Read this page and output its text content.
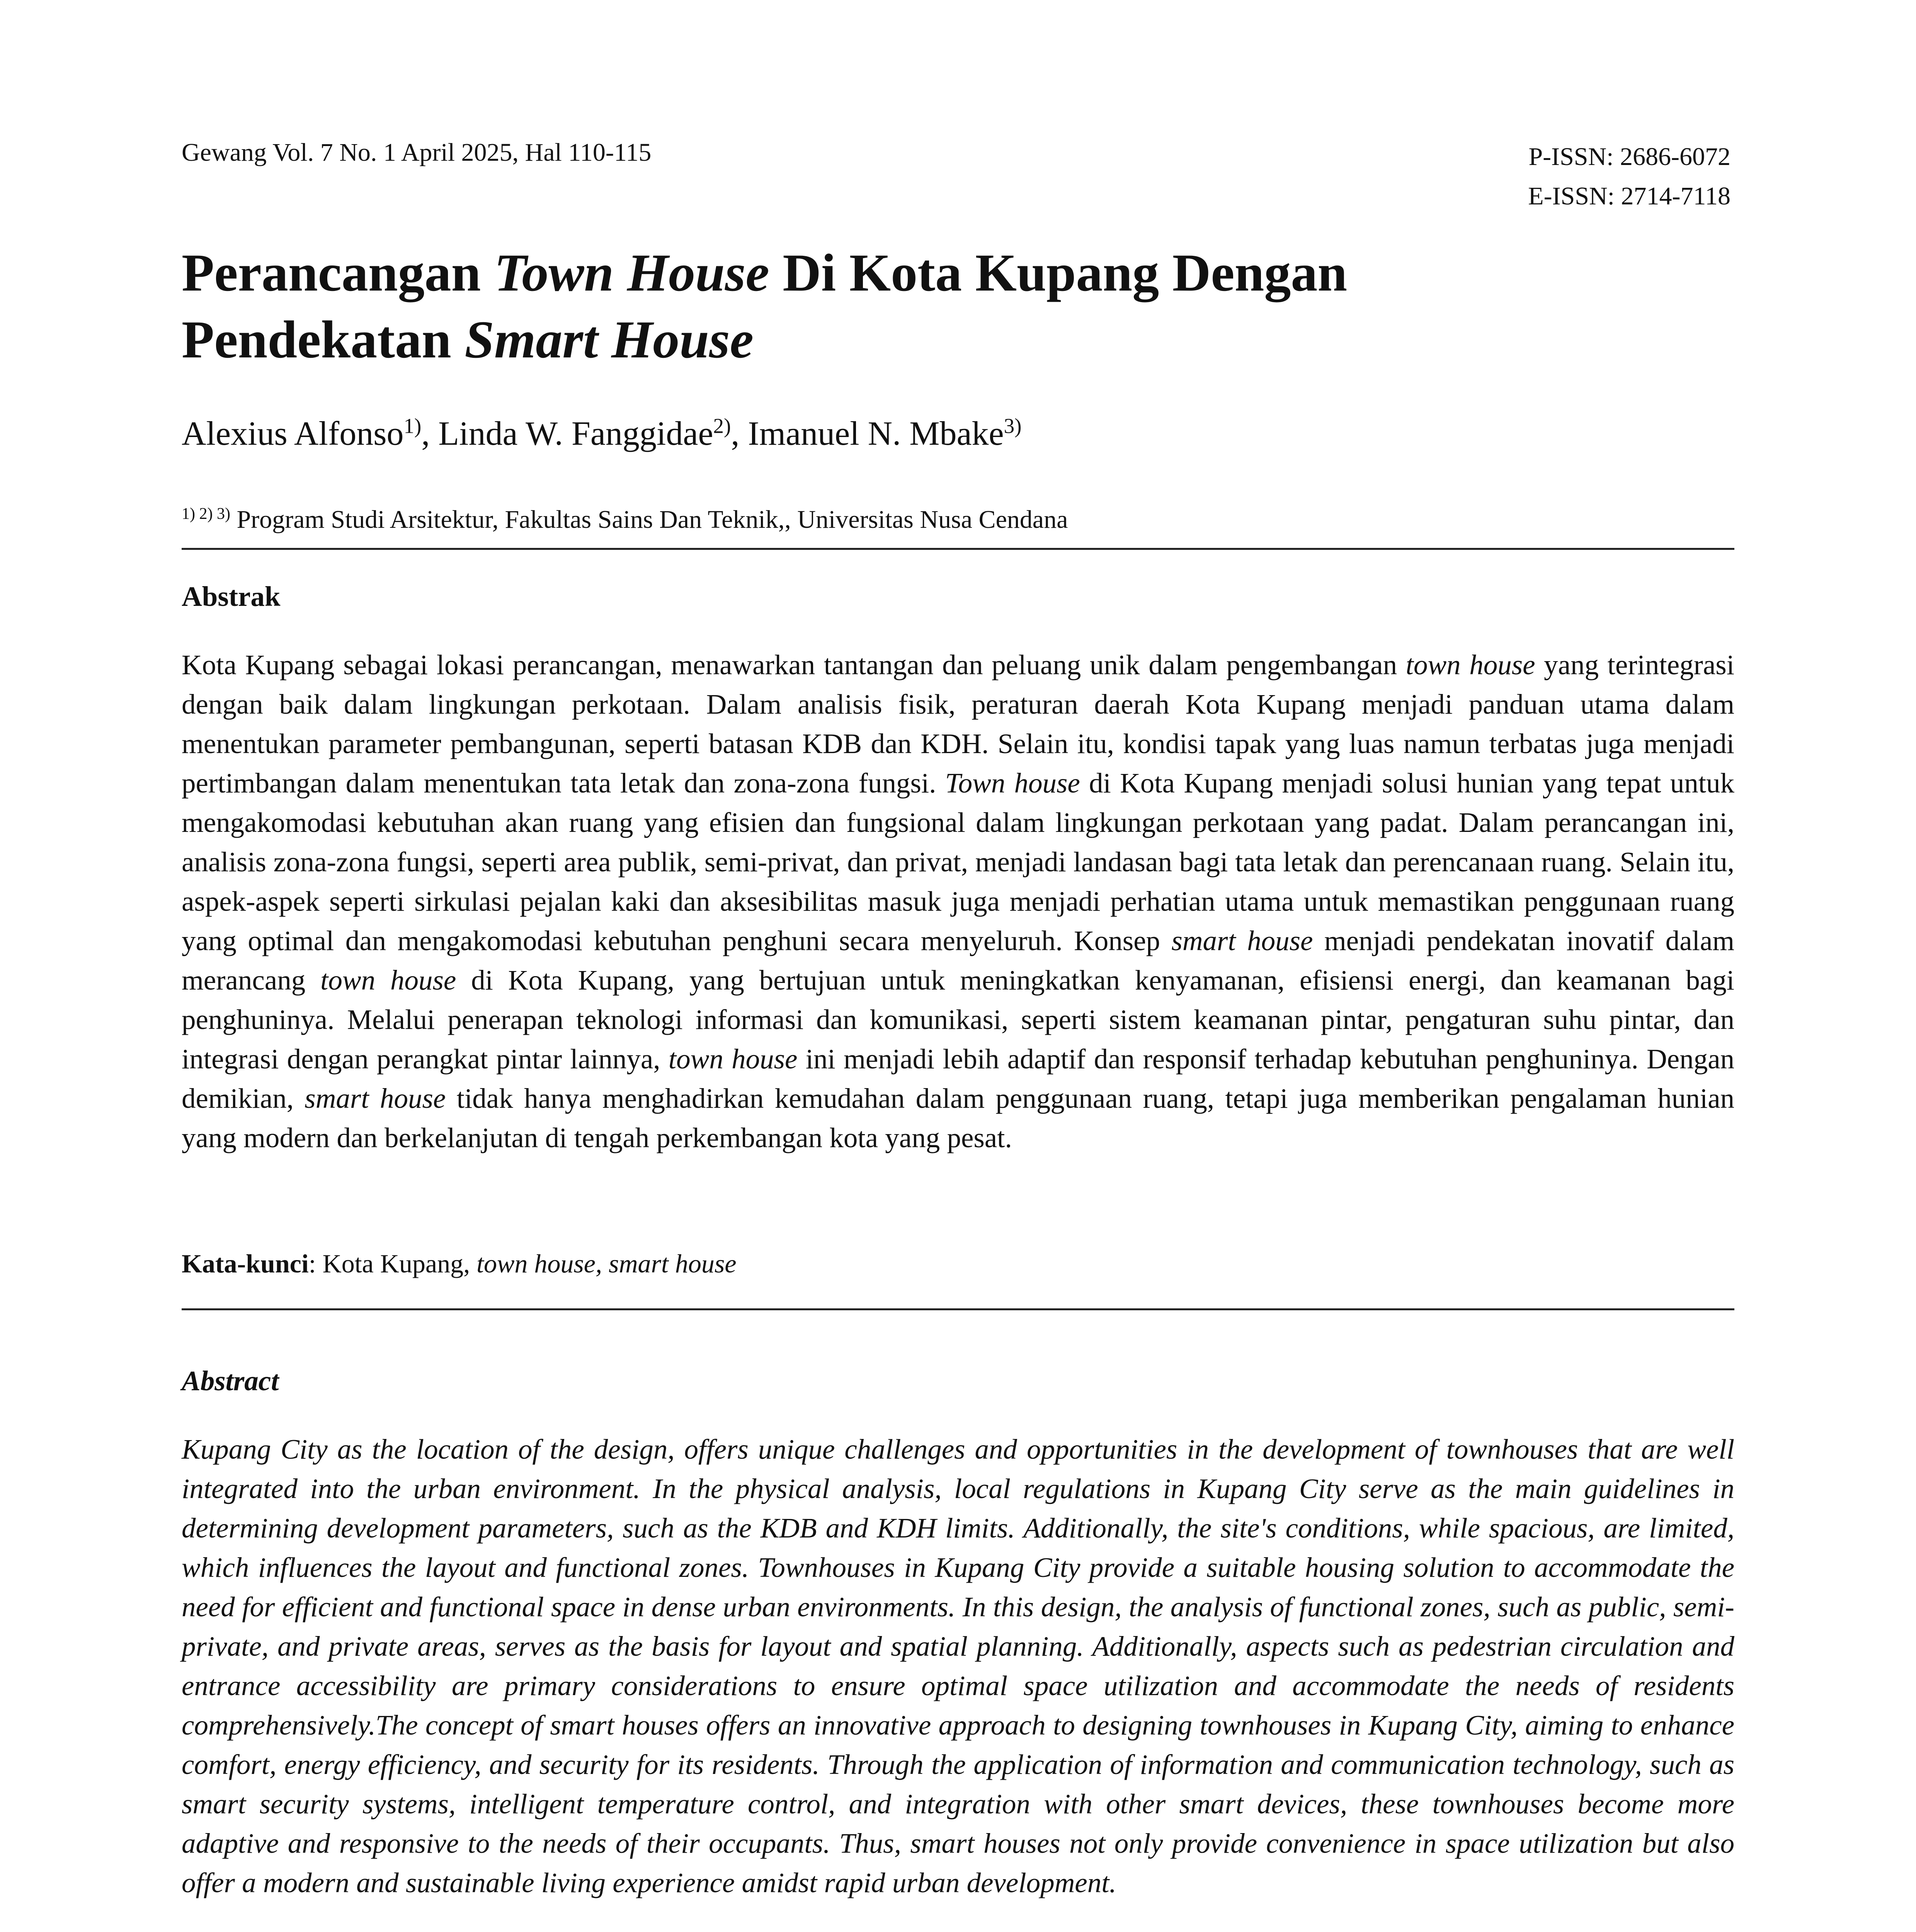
Gewang Vol. 7 No. 1 April 2025, Hal 110-115	P-ISSN: 2686-6072
E-ISSN: 2714-7118
Perancangan Town House Di Kota Kupang Dengan
Pendekatan Smart House
Alexius Alfonso$^{1)}$, Linda W. Fanggidae$^{2)}$, Imanuel N. Mbake$^{3)}$
$^{1) 2) 3)}$ Program Studi Arsitektur, Fakultas Sains Dan Teknik,, Universitas Nusa Cendana
Abstrak

Kota Kupang sebagai lokasi perancangan, menawarkan tantangan dan peluang unik dalam pengembangan town house yang terintegrasi dengan baik dalam lingkungan perkotaan. Dalam analisis fisik, peraturan daerah Kota Kupang menjadi panduan utama dalam menentukan parameter pembangunan, seperti batasan KDB dan KDH. Selain itu, kondisi tapak yang luas namun terbatas juga menjadi pertimbangan dalam menentukan tata letak dan zona-zona fungsi. Town house di Kota Kupang menjadi solusi hunian yang tepat untuk mengakomodasi kebutuhan akan ruang yang efisien dan fungsional dalam lingkungan perkotaan yang padat. Dalam perancangan ini, analisis zona-zona fungsi, seperti area publik, semi-privat, dan privat, menjadi landasan bagi tata letak dan perencanaan ruang. Selain itu, aspek-aspek seperti sirkulasi pejalan kaki dan aksesibilitas masuk juga menjadi perhatian utama untuk memastikan penggunaan ruang yang optimal dan mengakomodasi kebutuhan penghuni secara menyeluruh. Konsep smart house menjadi pendekatan inovatif dalam merancang town house di Kota Kupang, yang bertujuan untuk meningkatkan kenyamanan, efisiensi energi, dan keamanan bagi penghuninya. Melalui penerapan teknologi informasi dan komunikasi, seperti sistem keamanan pintar, pengaturan suhu pintar, dan integrasi dengan perangkat pintar lainnya, town house ini menjadi lebih adaptif dan responsif terhadap kebutuhan penghuninya. Dengan demikian, smart house tidak hanya menghadirkan kemudahan dalam penggunaan ruang, tetapi juga memberikan pengalaman hunian yang modern dan berkelanjutan di tengah perkembangan kota yang pesat.

Kata-kunci: Kota Kupang, town house, smart house
Abstract

Kupang City as the location of the design, offers unique challenges and opportunities in the development of townhouses that are well integrated into the urban environment. In the physical analysis, local regulations in Kupang City serve as the main guidelines in determining development parameters, such as the KDB and KDH limits. Additionally, the site's conditions, while spacious, are limited, which influences the layout and functional zones. Townhouses in Kupang City provide a suitable housing solution to accommodate the need for efficient and functional space in dense urban environments. In this design, the analysis of functional zones, such as public, semi-private, and private areas, serves as the basis for layout and spatial planning. Additionally, aspects such as pedestrian circulation and entrance accessibility are primary considerations to ensure optimal space utilization and accommodate the needs of residents comprehensively.The concept of smart houses offers an innovative approach to designing townhouses in Kupang City, aiming to enhance comfort, energy efficiency, and security for its residents. Through the application of information and communication technology, such as smart security systems, intelligent temperature control, and integration with other smart devices, these townhouses become more adaptive and responsive to the needs of their occupants. Thus, smart houses not only provide convenience in space utilization but also offer a modern and sustainable living experience amidst rapid urban development.
